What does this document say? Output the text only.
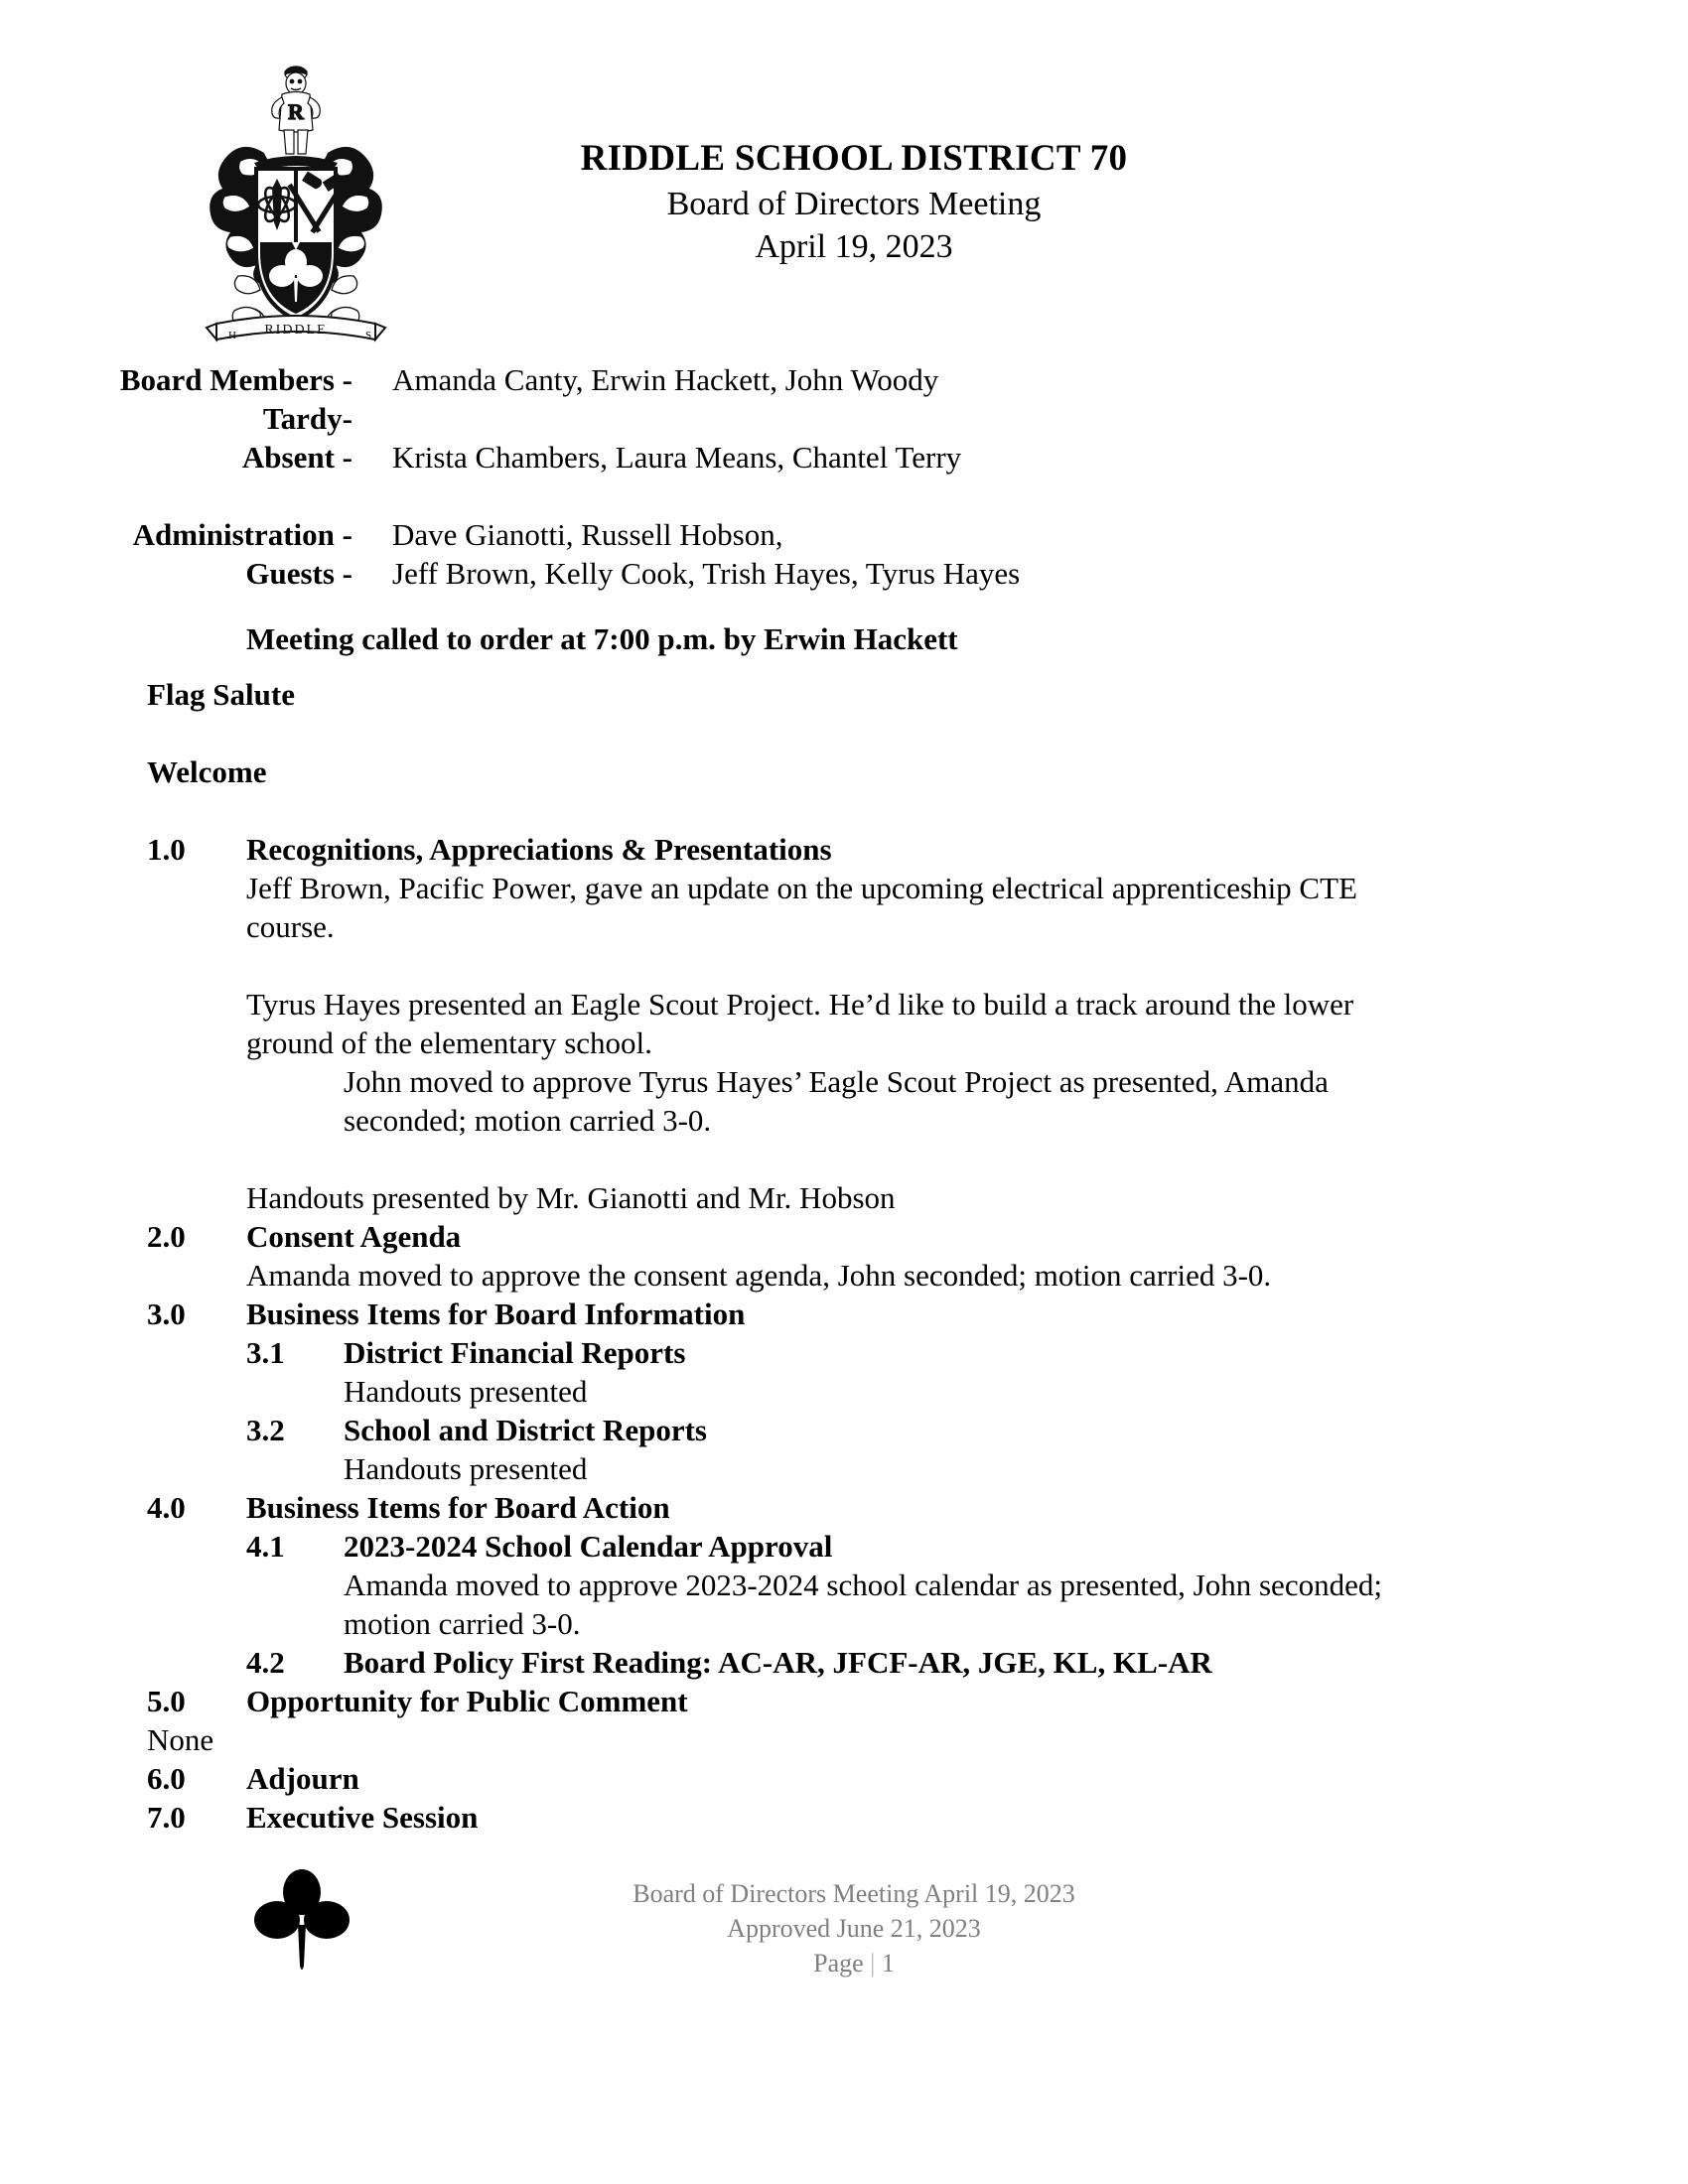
R
H RIDDLE	S
RIDDLE SCHOOL DISTRICT 70
Board of Directors Meeting
April 19, 2023
Board Members - Amanda Canty, Erwin Hackett, John Woody
Tardy-
Absent - Krista Chambers, Laura Means, Chantel Terry
Administration - Dave Gianotti, Russell Hobson,
Guests - Jeff Brown, Kelly Cook, Trish Hayes, Tyrus Hayes
Meeting called to order at 7:00 p.m. by Erwin Hackett
Flag Salute
Welcome
1.0	Recognitions, Appreciations & Presentations
Jeff Brown, Pacific Power, gave an update on the upcoming electrical apprenticeship CTE course.
Tyrus Hayes presented an Eagle Scout Project. He’d like to build a track around the lower ground of the elementary school.
John moved to approve Tyrus Hayes’ Eagle Scout Project as presented, Amanda seconded; motion carried 3-0.
Handouts presented by Mr. Gianotti and Mr. Hobson
2.0	Consent Agenda
Amanda moved to approve the consent agenda, John seconded; motion carried 3-0.
3.0	Business Items for Board Information
3.1	District Financial Reports
Handouts presented
3.2	School and District Reports
Handouts presented
4.0	Business Items for Board Action
4.1	2023-2024 School Calendar Approval
Amanda moved to approve 2023-2024 school calendar as presented, John seconded; motion carried 3-0.
4.2	Board Policy First Reading: AC-AR, JFCF-AR, JGE, KL, KL-AR
5.0	Opportunity for Public Comment
None
6.0	Adjourn
7.0	Executive Session
Board of Directors Meeting April 19, 2023
Approved June 21, 2023
Page | 1
